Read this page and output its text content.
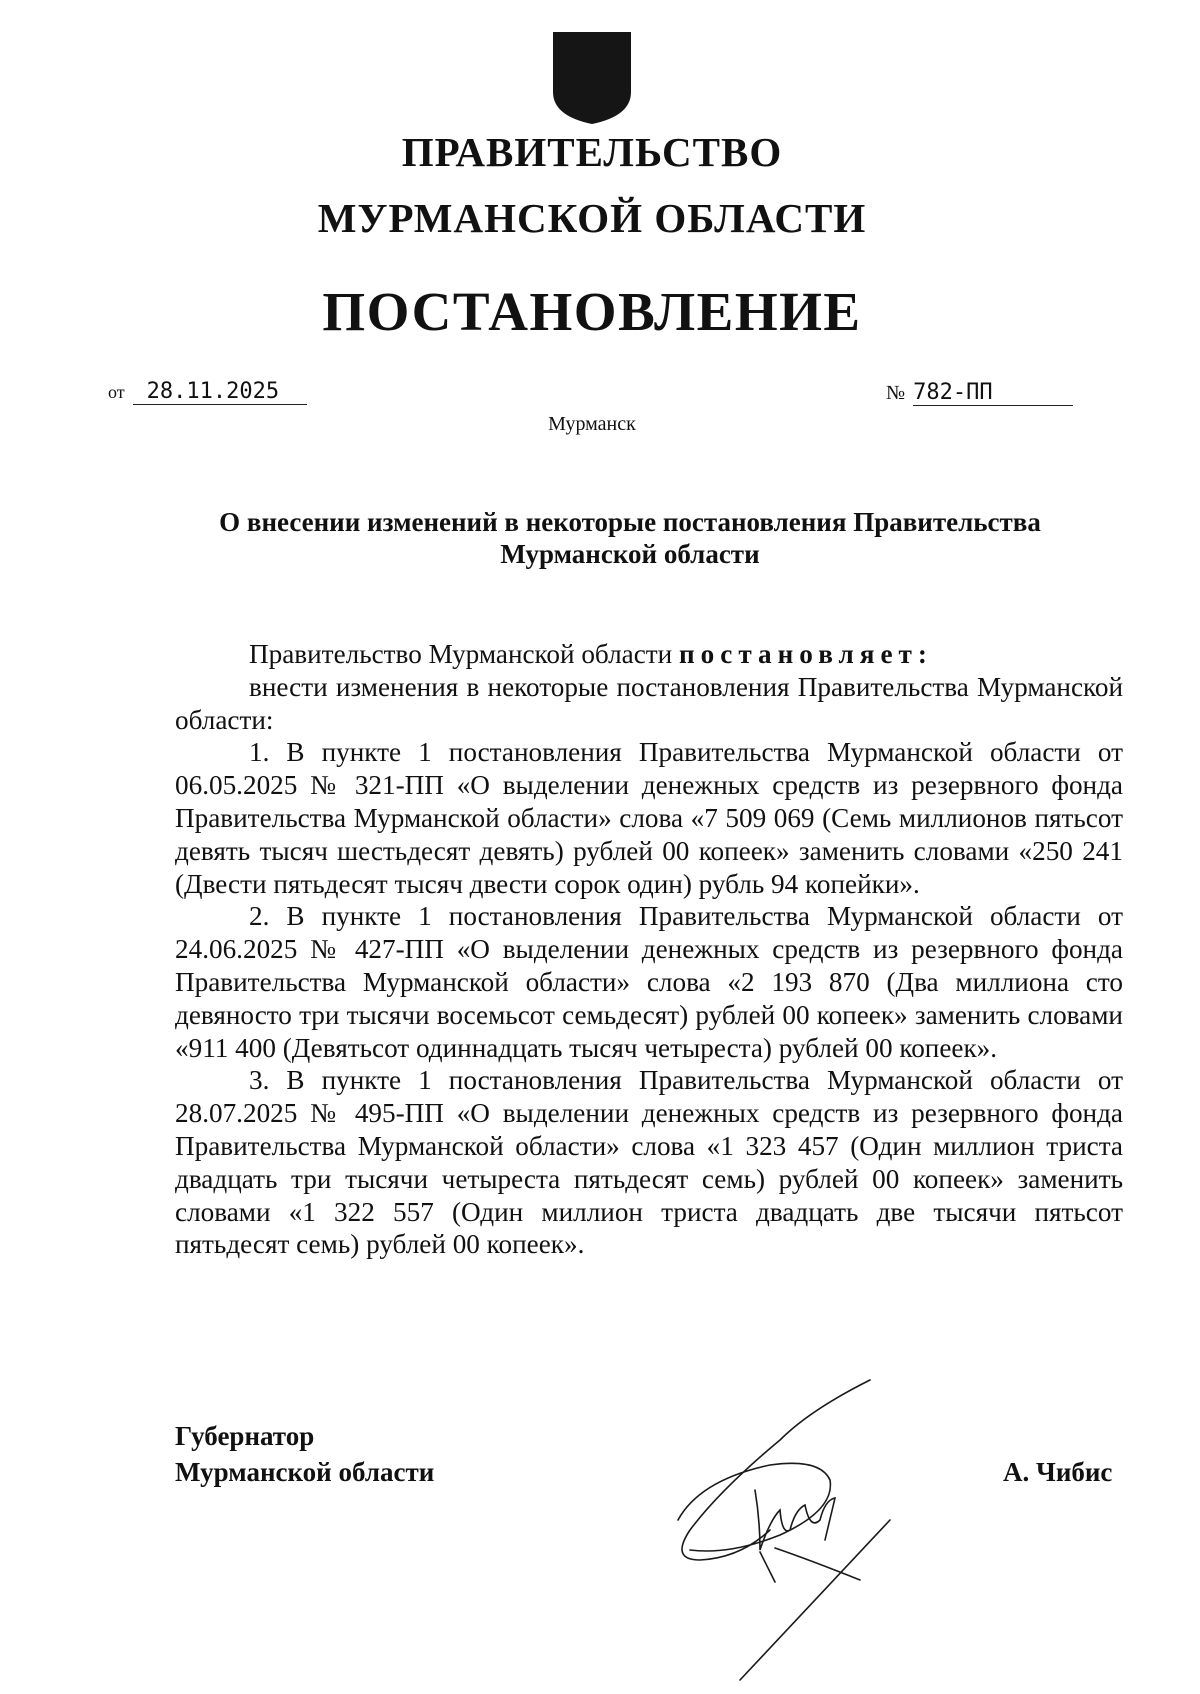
ПРАВИТЕЛЬСТВО
МУРМАНСКОЙ ОБЛАСТИ
ПОСТАНОВЛЕНИЕ
от 28.11.2025	№ 782-ПП
Мурманск
О внесении изменений в некоторые постановления Правительства Мурманской области

Правительство Мурманской области постановляет:

внести изменения в некоторые постановления Правительства Мурманской области:

1. В пункте 1 постановления Правительства Мурманской области от 06.05.2025 № 321-ПП «О выделении денежных средств из резервного фонда Правительства Мурманской области» слова «7 509 069 (Семь миллионов пятьсот девять тысяч шестьдесят девять) рублей 00 копеек» заменить словами «250 241 (Двести пятьдесят тысяч двести сорок один) рубль 94 копейки».

2. В пункте 1 постановления Правительства Мурманской области от 24.06.2025 № 427-ПП «О выделении денежных средств из резервного фонда Правительства Мурманской области» слова «2 193 870 (Два миллиона сто девяносто три тысячи восемьсот семьдесят) рублей 00 копеек» заменить словами «911 400 (Девятьсот одиннадцать тысяч четыреста) рублей 00 копеек».

3. В пункте 1 постановления Правительства Мурманской области от 28.07.2025 № 495-ПП «О выделении денежных средств из резервного фонда Правительства Мурманской области» слова «1 323 457 (Один миллион триста двадцать три тысячи четыреста пятьдесят семь) рублей 00 копеек» заменить словами «1 322 557 (Один миллион триста двадцать две тысячи пятьсот пятьдесят семь) рублей 00 копеек».

Губернатор
Мурманской области	А. Чибис
